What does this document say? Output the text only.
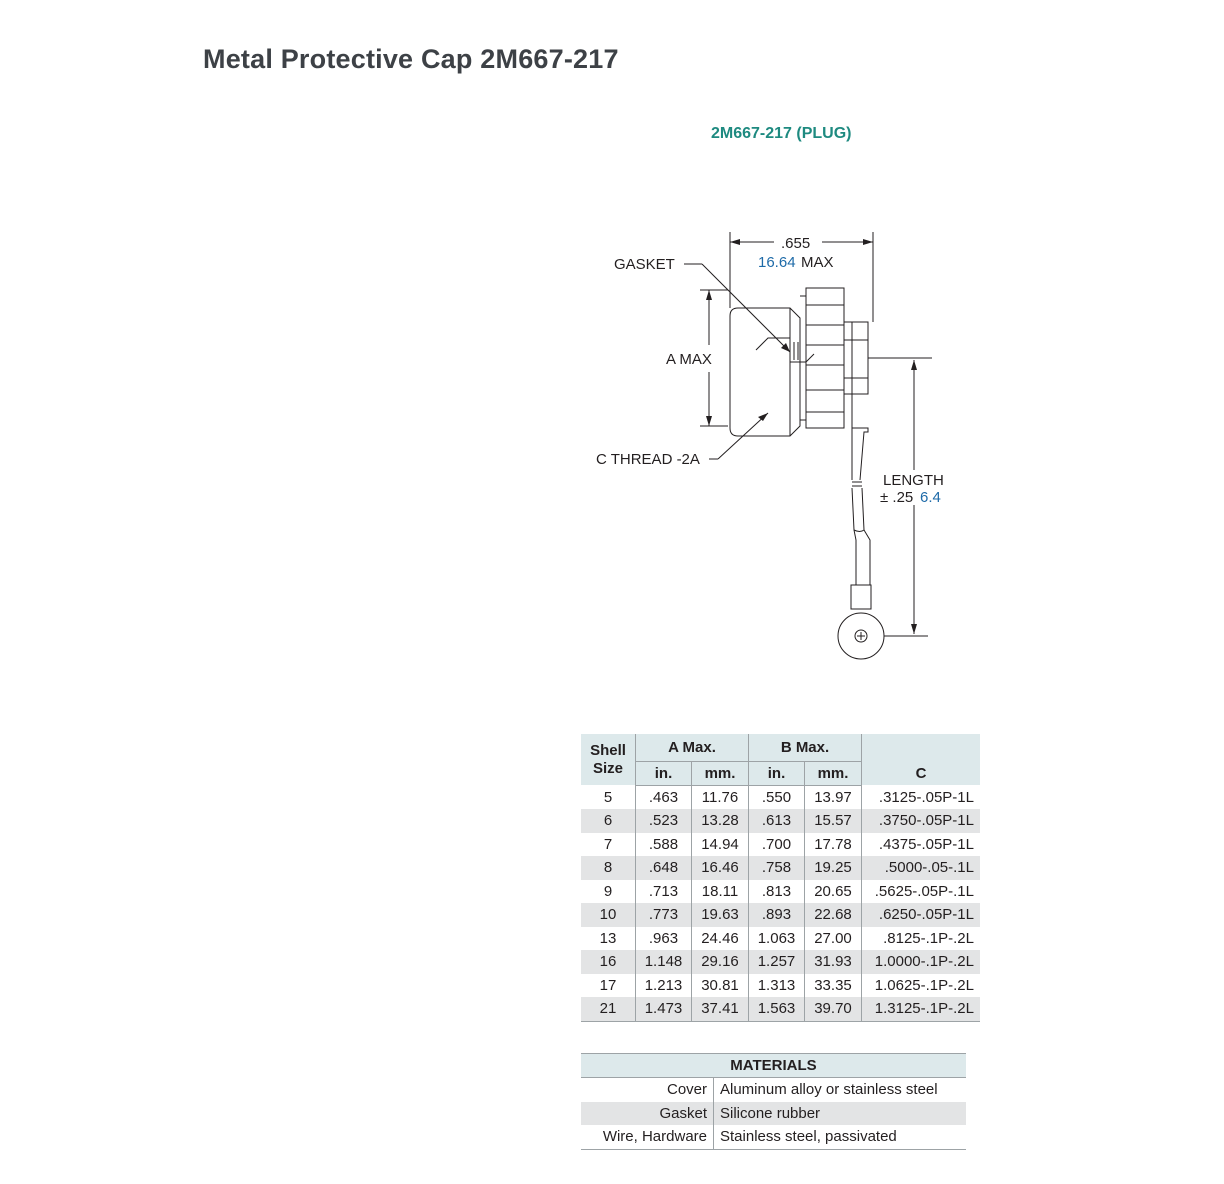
Metal Protective Cap 2M667-217
2M667-217 (PLUG)
.655
16.64 MAX
GASKET
A MAX
C THREAD -2A
LENGTH
± .25 6.4
Shell
Size	A Max.		B Max.		C
	in.	mm.	in.	mm.	
5	.463	11.76	.550	13.97	.3125-.05P-1L
6	.523	13.28	.613	15.57	.3750-.05P-1L
7	.588	14.94	.700	17.78	.4375-.05P-1L
8	.648	16.46	.758	19.25	.5000-.05-.1L
9	.713	18.11	.813	20.65	.5625-.05P-.1L
10	.773	19.63	.893	22.68	.6250-.05P-1L
13	.963	24.46	1.063	27.00	.8125-.1P-.2L
16	1.148	29.16	1.257	31.93	1.0000-.1P-.2L
17	1.213	30.81	1.313	33.35	1.0625-.1P-.2L
21	1.473	37.41	1.563	39.70	1.3125-.1P-.2L
MATERIALS	
Cover	Aluminum alloy or stainless steel
Gasket	Silicone rubber
Wire, Hardware	Stainless steel, passivated
